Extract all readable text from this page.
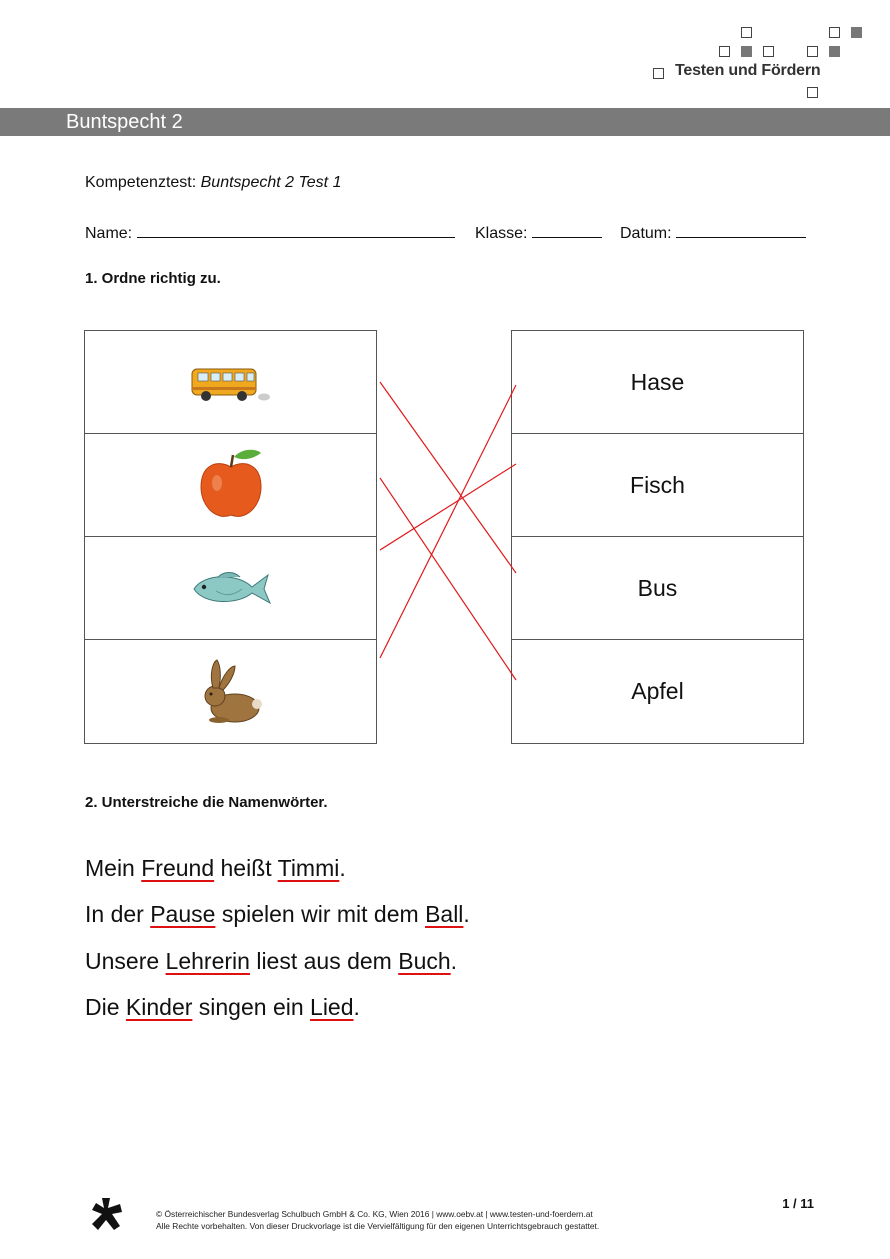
Testen und Fördern
Buntspecht 2
Kompetenztest: Buntspecht 2 Test 1
Name:	Klasse:	Datum:
1. Ordne richtig zu.
Hase
Fisch
Bus
Apfel
2. Unterstreiche die Namenwörter.
Mein Freund heißt Timmi.
In der Pause spielen wir mit dem Ball.
Unsere Lehrerin liest aus dem Buch.
Die Kinder singen ein Lied.
1 / 11
© Österreichischer Bundesverlag Schulbuch GmbH & Co. KG, Wien 2016 | www.oebv.at | www.testen-und-foerdern.at
Alle Rechte vorbehalten. Von dieser Druckvorlage ist die Vervielfältigung für den eigenen Unterrichtsgebrauch gestattet.
